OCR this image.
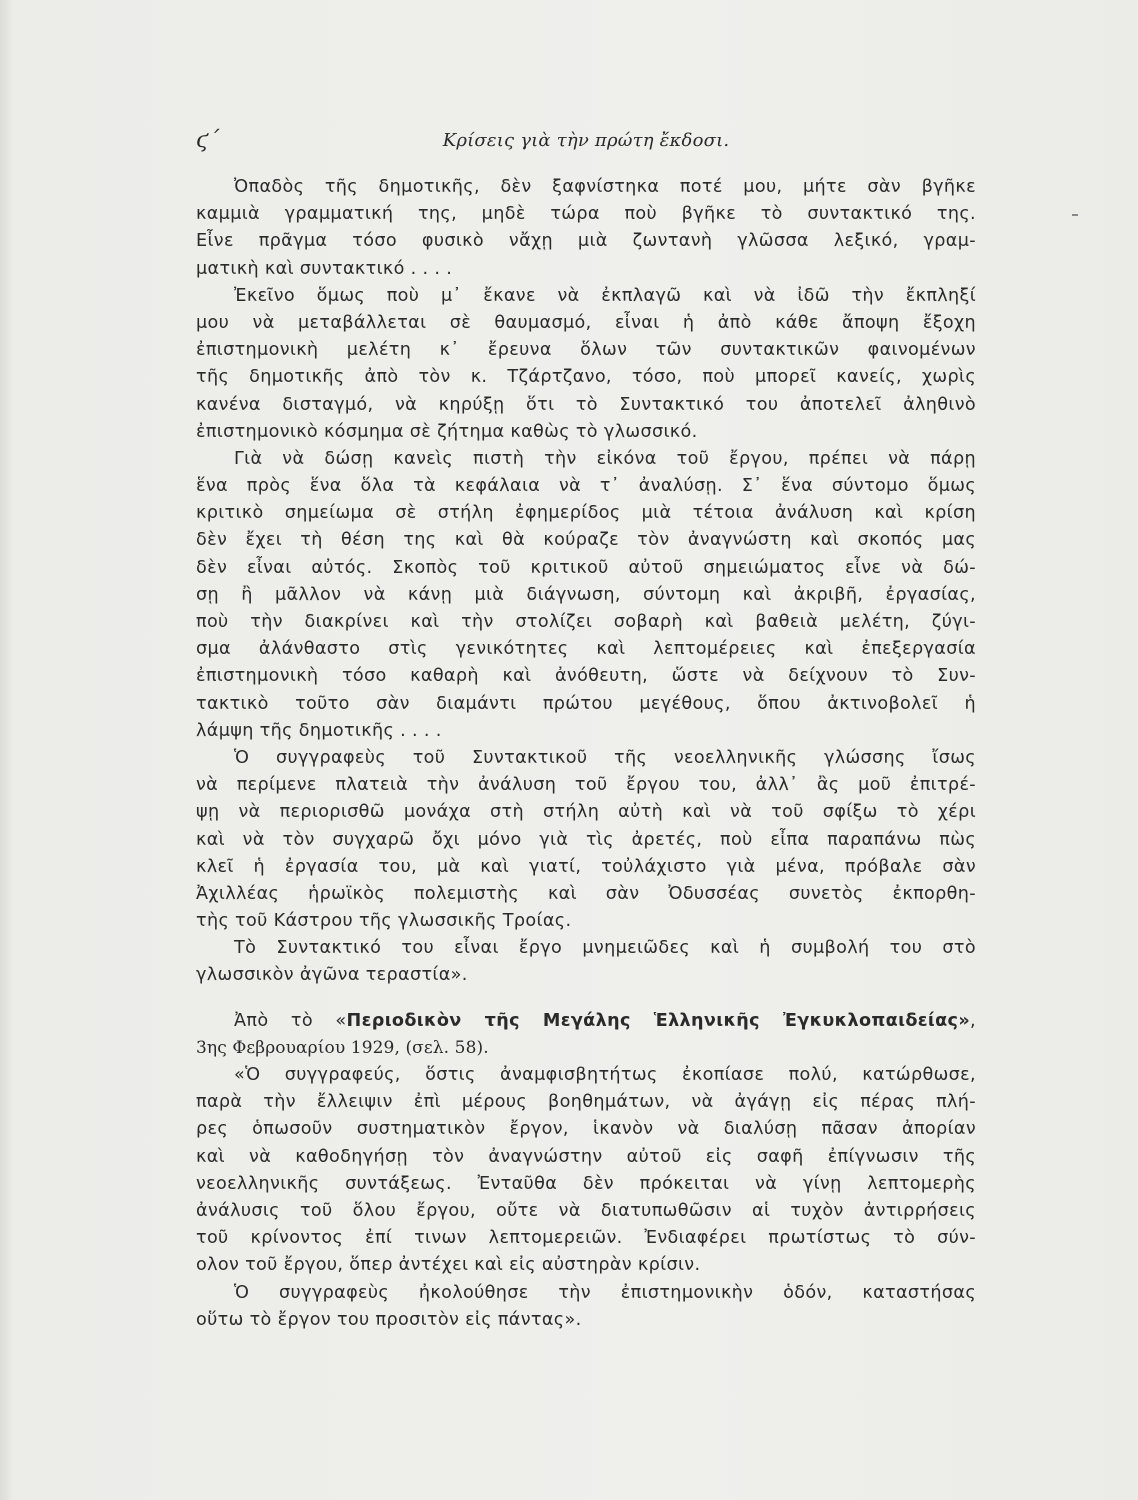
ϛ΄	Κρίσεις γιὰ τὴν πρώτη ἔκδοσι.
Ὀπαδὸς τῆς δημοτικῆς, δὲν ξαφνίστηκα ποτέ μου, μήτε σὰν βγῆκε
καμμιὰ γραμματική της, μηδὲ τώρα ποὺ βγῆκε τὸ συντακτικό της.
Εἶνε πρᾶγμα τόσο φυσικὸ νἄχῃ μιὰ ζωντανὴ γλῶσσα λεξικό, γραμ-
ματικὴ καὶ συντακτικό . . . .
Ἐκεῖνο ὅμως ποὺ μ᾿ ἔκανε νὰ ἐκπλαγῶ καὶ νὰ ἰδῶ τὴν ἔκπληξί
μου νὰ μεταβάλλεται σὲ θαυμασμό, εἶναι ἡ ἀπὸ κάθε ἄποψη ἔξοχη
ἐπιστημονικὴ μελέτη κ᾿ ἔρευνα ὅλων τῶν συντακτικῶν φαινομένων
τῆς δημοτικῆς ἀπὸ τὸν κ. Τζάρτζανο, τόσο, ποὺ μπορεῖ κανείς, χωρὶς
κανένα δισταγμό, νὰ κηρύξῃ ὅτι τὸ Συντακτικό του ἀποτελεῖ ἀληθινὸ
ἐπιστημονικὸ κόσμημα σὲ ζήτημα καθὼς τὸ γλωσσικό.
Γιὰ νὰ δώσῃ κανεὶς πιστὴ τὴν εἰκόνα τοῦ ἔργου, πρέπει νὰ πάρῃ
ἕνα πρὸς ἕνα ὅλα τὰ κεφάλαια νὰ τ᾿ ἀναλύσῃ. Σ᾿ ἕνα σύντομο ὅμως
κριτικὸ σημείωμα σὲ στήλη ἐφημερίδος μιὰ τέτοια ἀνάλυση καὶ κρίση
δὲν ἔχει τὴ θέση της καὶ θὰ κούραζε τὸν ἀναγνώστη καὶ σκοπός μας
δὲν εἶναι αὐτός. Σκοπὸς τοῦ κριτικοῦ αὐτοῦ σημειώματος εἶνε νὰ δώ-
σῃ ἢ μᾶλλον νὰ κάνῃ μιὰ διάγνωση, σύντομη καὶ ἀκριβῆ, ἐργασίας,
ποὺ τὴν διακρίνει καὶ τὴν στολίζει σοβαρὴ καὶ βαθειὰ μελέτη, ζύγι-
σμα ἀλάνθαστο στὶς γενικότητες καὶ λεπτομέρειες καὶ ἐπεξεργασία
ἐπιστημονικὴ τόσο καθαρὴ καὶ ἀνόθευτη, ὥστε νὰ δείχνουν τὸ Συν-
τακτικὸ τοῦτο σὰν διαμάντι πρώτου μεγέθους, ὅπου ἀκτινοβολεῖ ἡ
λάμψη τῆς δημοτικῆς . . . .
Ὁ συγγραφεὺς τοῦ Συντακτικοῦ τῆς νεοελληνικῆς γλώσσης ἴσως
νὰ περίμενε πλατειὰ τὴν ἀνάλυση τοῦ ἔργου του, ἀλλ᾿ ἂς μοῦ ἐπιτρέ-
ψῃ νὰ περιορισθῶ μονάχα στὴ στήλη αὐτὴ καὶ νὰ τοῦ σφίξω τὸ χέρι
καὶ νὰ τὸν συγχαρῶ ὄχι μόνο γιὰ τὶς ἀρετές, ποὺ εἶπα παραπάνω πὼς
κλεῖ ἡ ἐργασία του, μὰ καὶ γιατί, τοὐλάχιστο γιὰ μένα, πρόβαλε σὰν
Ἀχιλλέας ἡρωϊκὸς πολεμιστὴς καὶ σὰν Ὀδυσσέας συνετὸς ἐκπορθη-
τὴς τοῦ Κάστρου τῆς γλωσσικῆς Τροίας.
Τὸ Συντακτικό του εἶναι ἔργο μνημειῶδες καὶ ἡ συμβολή του στὸ
γλωσσικὸν ἀγῶνα τεραστία».
Ἀπὸ τὸ «Περιοδικὸν τῆς Μεγάλης Ἑλληνικῆς Ἐγκυκλοπαιδείας»,
3ης Φεβρουαρίου 1929, (σελ. 58).
«Ὁ συγγραφεύς, ὅστις ἀναμφισβητήτως ἐκοπίασε πολύ, κατώρθωσε,
παρὰ τὴν ἔλλειψιν ἐπὶ μέρους βοηθημάτων, νὰ ἀγάγῃ εἰς πέρας πλή-
ρες ὁπωσοῦν συστηματικὸν ἔργον, ἱκανὸν νὰ διαλύσῃ πᾶσαν ἀπορίαν
καὶ νὰ καθοδηγήσῃ τὸν ἀναγνώστην αὐτοῦ εἰς σαφῆ ἐπίγνωσιν τῆς
νεοελληνικῆς συντάξεως. Ἐνταῦθα δὲν πρόκειται νὰ γίνῃ λεπτομερὴς
ἀνάλυσις τοῦ ὅλου ἔργου, οὔτε νὰ διατυπωθῶσιν αἱ τυχὸν ἀντιρρήσεις
τοῦ κρίνοντος ἐπί τινων λεπτομερειῶν. Ἐνδιαφέρει πρωτίστως τὸ σύν-
ολον τοῦ ἔργου, ὅπερ ἀντέχει καὶ εἰς αὐστηρὰν κρίσιν.
Ὁ συγγραφεὺς ἠκολούθησε τὴν ἐπιστημονικὴν ὁδόν, καταστήσας
οὕτω τὸ ἔργον του προσιτὸν εἰς πάντας».
